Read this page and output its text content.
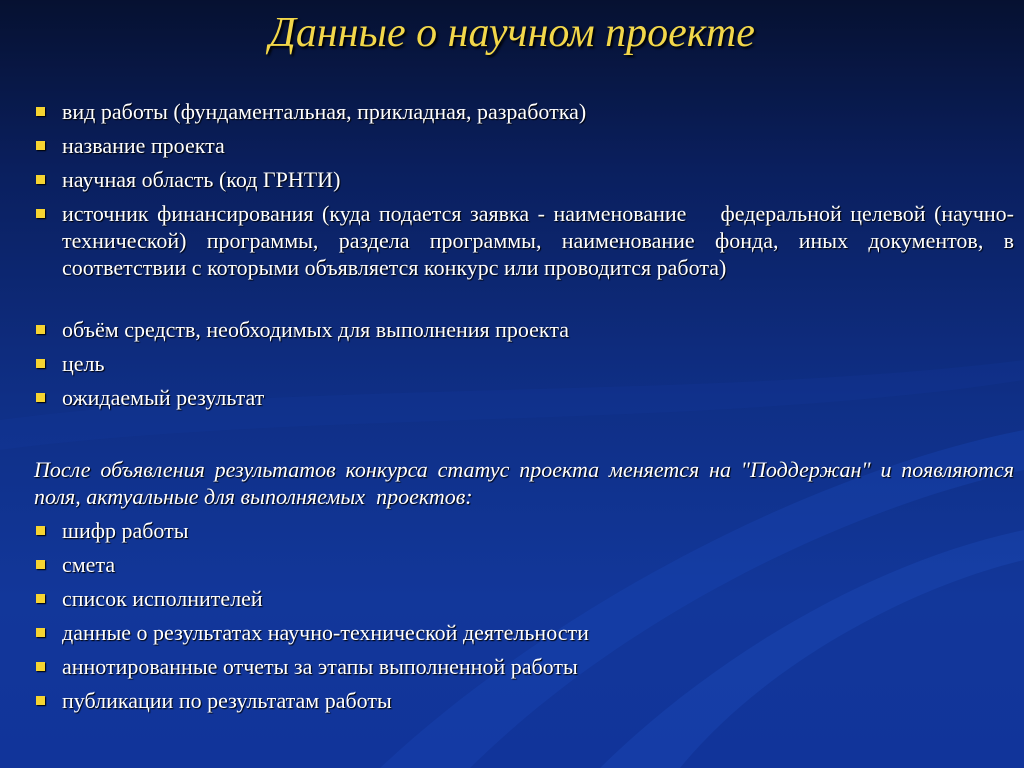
Данные о научном проекте
вид работы (фундаментальная, прикладная, разработка)
название проекта
научная область (код ГРНТИ)
источник финансирования (куда подается заявка - наименование    федеральной целевой (научно-технической) программы, раздела программы, наименование фонда, иных документов, в соответствии с которыми объявляется конкурс или проводится работа)
объём средств, необходимых для выполнения проекта
цель
ожидаемый результат

После объявления результатов конкурса статус проекта меняется на "Поддержан" и появляются поля, актуальные для выполняемых  проектов:

шифр работы
смета
список исполнителей
данные о результатах научно-технической деятельности
аннотированные отчеты за этапы выполненной работы
публикации по результатам работы
